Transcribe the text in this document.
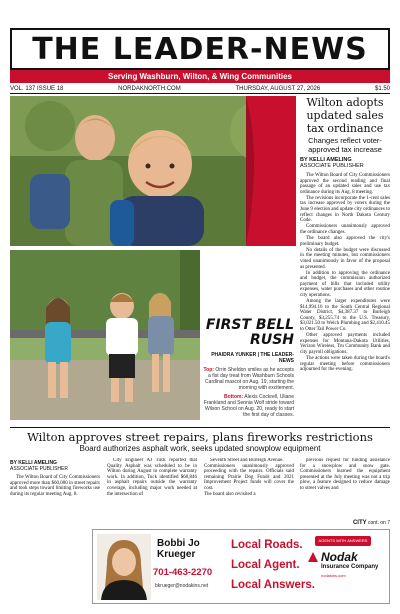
THE LEADER-NEWS
Serving Washburn, Wilton, & Wing Communities
VOL. 137 ISSUE 18	NORDAKNORTH.COM	THURSDAY, AUGUST 27, 2026	$1.50
FIRST BELL RUSH
PHAIDRA YUNKER | THE LEADER-NEWS
Top: Orrin Sheldon smiles as he accepts a fist day treat from Washburn Schools Cardinal mascot on Aug. 19, starting the morning with excitement.
Bottom: Alexis Cockrell, Uliane Frankland and Sennia Wolf stride toward Wilson School on Aug. 20, ready to start the first day of classes.
Wilton adopts updated sales tax ordinance
Changes reflect voter-approved tax increase
BY KELLI AMELING
ASSOCIATE PUBLISHER

The Wilton Board of City Commissioners approved the second reading and final passage of an updated sales and use tax ordinance during its Aug. 8 meeting.

The revisions incorporate the 1-cent sales tax increase approved by voters during the June 9 election and update city ordinances to reflect changes in North Dakota Century Code.

Commissioners unanimously approved the ordinance changes.

The board also approved the city's preliminary budget.

No details of the budget were discussed in the meeting minutes, but commissioners voted unanimously in favor of the proposal as presented.

In addition to approving the ordinance and budget, the commission authorized payment of bills that included utility expenses, water purchases and other routine city operations.

Among the larger expenditures were $14,994.16 to the South Central Regional Water District, $4,387.37 to Burleigh County, $3,255.74 to the U.S. Treasury, $3,021.50 to Welch Plumbing and $2,410.45 to Otter Tail Power Co.

Other approved payments included expenses for Montana-Dakota Utilities, Verizon Wireless, Tru Community Bank and city payroll obligations.

The actions were taken during the board's regular meeting before commissioners adjourned for the evening.

Wilton approves street repairs, plans fireworks restrictions
Board authorizes asphalt work, seeks updated snowplow equipment
BY KELLI AMELING
ASSOCIATE PUBLISHER

The Wilton Board of City Commissioners approved more than $60,000 in street repairs and took steps toward limiting fireworks use during its regular meeting Aug. 8.

City Engineer AJ Tuck reported that Quality Asphalt was scheduled to be in Wilton during August to complete warranty work. In addition, Tuck identified $60,846 in asphalt repairs outside the warranty coverage, including major work needed at the intersection of

Seventh Street and Burleigh Avenue.
Commissioners unanimously approved proceeding with the repairs. Officials said remaining Prairie Dog Funds and 2021 Improvement Project funds will cover the cost.
The board also revisited a

previous request for funding assistance for a snowplow and snow gate. Commissioners learned the equipment presented at the July meeting was not a trip plow, a feature designed to reduce damage to street valves and

CITY cont. on 7
Bobbi Jo Krueger
701-463-2270
bkrueger@nodakins.net
Local Roads.
Local Agent.
Local Answers.
AGENTS WITH ANSWERS
Nodak
Insurance Company
nodakins.com
